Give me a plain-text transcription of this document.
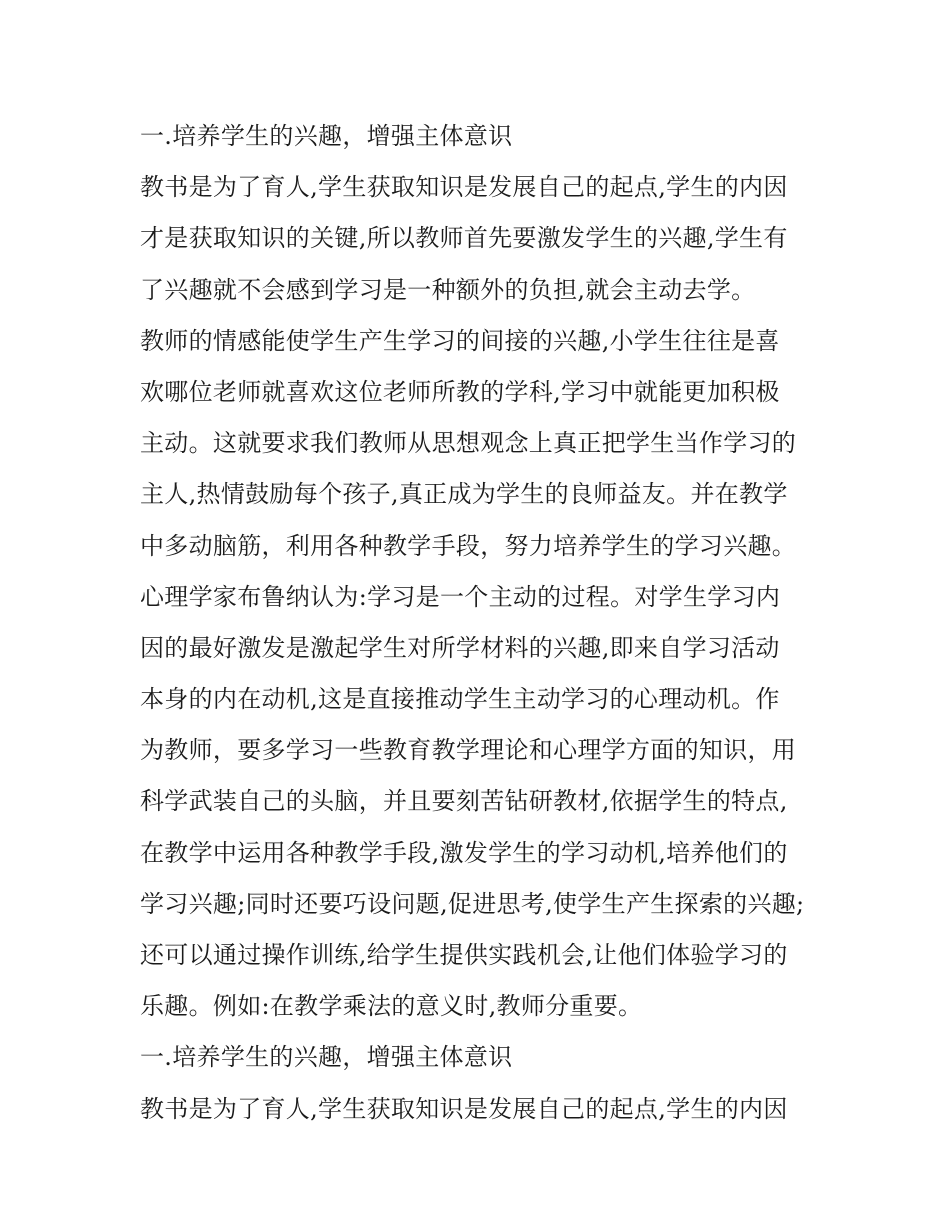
一.培养学生的兴趣，增强主体意识
教书是为了育人,学生获取知识是发展自己的起点,学生的内因
才是获取知识的关键,所以教师首先要激发学生的兴趣,学生有
了兴趣就不会感到学习是一种额外的负担,就会主动去学。
教师的情感能使学生产生学习的间接的兴趣,小学生往往是喜
欢哪位老师就喜欢这位老师所教的学科,学习中就能更加积极
主动。这就要求我们教师从思想观念上真正把学生当作学习的
主人,热情鼓励每个孩子,真正成为学生的良师益友。并在教学
中多动脑筋，利用各种教学手段，努力培养学生的学习兴趣。
心理学家布鲁纳认为:学习是一个主动的过程。对学生学习内
因的最好激发是激起学生对所学材料的兴趣,即来自学习活动
本身的内在动机,这是直接推动学生主动学习的心理动机。作
为教师，要多学习一些教育教学理论和心理学方面的知识，用
科学武装自己的头脑，并且要刻苦钻研教材,依据学生的特点,
在教学中运用各种教学手段,激发学生的学习动机,培养他们的
学习兴趣;同时还要巧设问题,促进思考,使学生产生探索的兴趣;
还可以通过操作训练,给学生提供实践机会,让他们体验学习的
乐趣。例如:在教学乘法的意义时,教师分重要。
一.培养学生的兴趣，增强主体意识
教书是为了育人,学生获取知识是发展自己的起点,学生的内因
